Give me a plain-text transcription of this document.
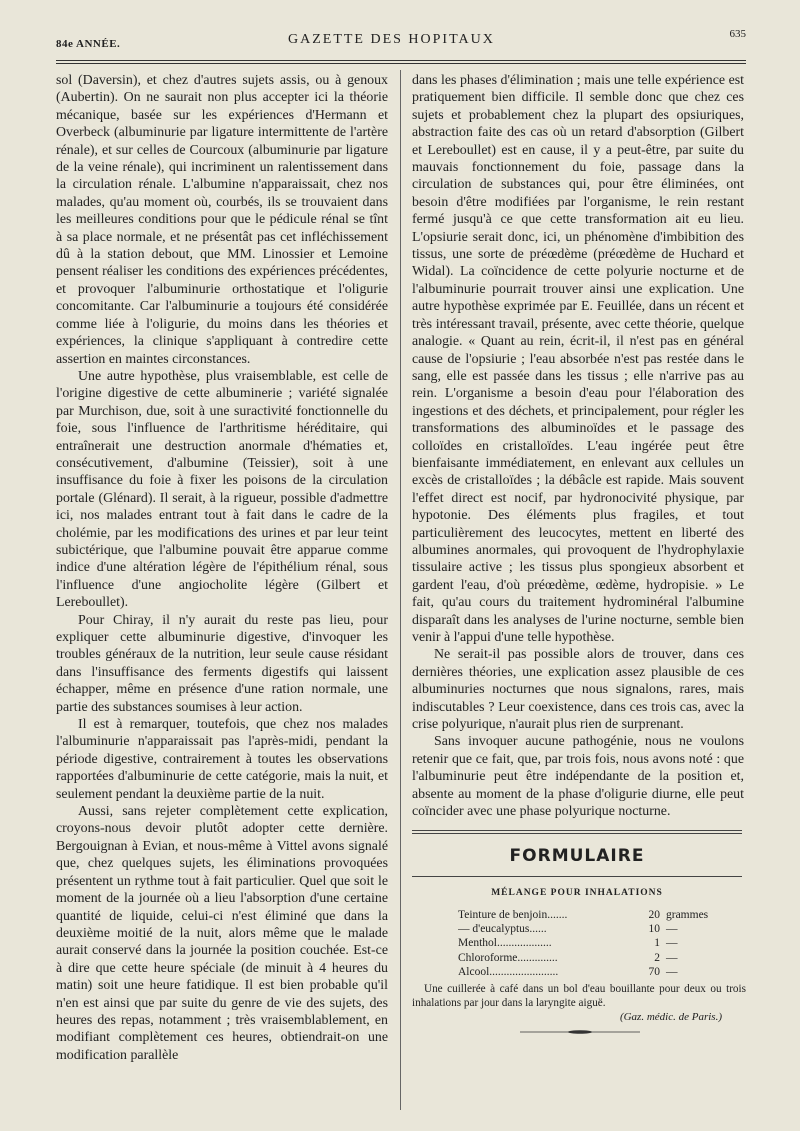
84e ANNÉE.	GAZETTE DES HOPITAUX	635

sol (Daversin), et chez d'autres sujets assis, ou à genoux (Aubertin). On ne saurait non plus accepter ici la théorie mécanique, basée sur les expériences d'Hermann et Overbeck (albuminurie par ligature intermittente de l'artère rénale), et sur celles de Courcoux (albuminurie par ligature de la veine rénale), qui incriminent un ralentissement dans la circulation rénale. L'albumine n'apparaissait, chez nos malades, qu'au moment où, courbés, ils se trouvaient dans les meilleures conditions pour que le pédicule rénal se tînt à sa place normale, et ne présentât pas cet infléchissement dû à la station debout, que MM. Linossier et Lemoine pensent réaliser les conditions des expériences précédentes, et provoquer l'albuminurie orthostatique et l'oligurie concomitante. Car l'albuminurie a toujours été considérée comme liée à l'oligurie, du moins dans les théories et expériences, la clinique s'appliquant à contredire cette assertion en maintes circonstances.

Une autre hypothèse, plus vraisemblable, est celle de l'origine digestive de cette albuminerie ; variété signalée par Murchison, due, soit à une suractivité fonctionnelle du foie, sous l'influence de l'arthritisme héréditaire, qui entraînerait une destruction anormale d'hématies et, consécutivement, d'albumine (Teissier), soit à une insuffisance du foie à fixer les poisons de la circulation portale (Glénard). Il serait, à la rigueur, possible d'admettre ici, nos malades entrant tout à fait dans le cadre de la cholémie, par les modifications des urines et par leur teint subictérique, que l'albumine pouvait être apparue comme indice d'une altération légère de l'épithélium rénal, sous l'influence d'une angiocholite légère (Gilbert et Lereboullet).

Pour Chiray, il n'y aurait du reste pas lieu, pour expliquer cette albuminurie digestive, d'invoquer les troubles généraux de la nutrition, leur seule cause résidant dans l'insuffisance des ferments digestifs qui laissent échapper, même en présence d'une ration normale, une partie des substances soumises à leur action.

Il est à remarquer, toutefois, que chez nos malades l'albuminurie n'apparaissait pas l'après-midi, pendant la période digestive, contrairement à toutes les observations rapportées d'albuminurie de cette catégorie, mais la nuit, et seulement pendant la deuxième partie de la nuit.

Aussi, sans rejeter complètement cette explication, croyons-nous devoir plutôt adopter cette dernière. Bergouignan à Evian, et nous-même à Vittel avons signalé que, chez quelques sujets, les éliminations provoquées présentent un rythme tout à fait particulier. Quel que soit le moment de la journée où a lieu l'absorption d'une certaine quantité de liquide, celui-ci n'est éliminé que dans la deuxième moitié de la nuit, alors même que le malade aurait conservé dans la journée la position couchée. Est-ce à dire que cette heure spéciale (de minuit à 4 heures du matin) soit une heure fatidique. Il est bien probable qu'il n'en est ainsi que par suite du genre de vie des sujets, des heures des repas, notamment ; très vraisemblablement, en modifiant complètement ces heures, obtiendrait-on une modification parallèle

dans les phases d'élimination ; mais une telle expérience est pratiquement bien difficile. Il semble donc que chez ces sujets et probablement chez la plupart des opsiuriques, abstraction faite des cas où un retard d'absorption (Gilbert et Lereboullet) est en cause, il y a peut-être, par suite du mauvais fonctionnement du foie, passage dans la circulation de substances qui, pour être éliminées, ont besoin d'être modifiées par l'organisme, le rein restant fermé jusqu'à ce que cette transformation ait eu lieu. L'opsiurie serait donc, ici, un phénomène d'imbibition des tissus, une sorte de préœdème (préœdème de Huchard et Widal). La coïncidence de cette polyurie nocturne et de l'albuminurie pourrait trouver ainsi une explication. Une autre hypothèse exprimée par E. Feuillée, dans un récent et très intéressant travail, présente, avec cette théorie, quelque analogie. « Quant au rein, écrit-il, il n'est pas en général cause de l'opsiurie ; l'eau absorbée n'est pas restée dans le sang, elle est passée dans les tissus ; elle n'arrive pas au rein. L'organisme a besoin d'eau pour l'élaboration des ingestions et des déchets, et principalement, pour régler les transformations des albuminoïdes et le passage des colloïdes en cristalloïdes. L'eau ingérée peut être bienfaisante immédiatement, en enlevant aux cellules un excès de cristalloïdes ; la débâcle est rapide. Mais souvent l'effet direct est nocif, par hydronocivité physique, par hypotonie. Des éléments plus fragiles, et tout particulièrement des leucocytes, mettent en liberté des albumines anormales, qui provoquent de l'hydrophylaxie tissulaire active ; les tissus plus spongieux absorbent et gardent l'eau, d'où préœdème, œdème, hydropisie. » Le fait, qu'au cours du traitement hydrominéral l'albumine disparaît dans les analyses de l'urine nocturne, semble bien venir à l'appui d'une telle hypothèse.

Ne serait-il pas possible alors de trouver, dans ces dernières théories, une explication assez plausible de ces albuminuries nocturnes que nous signalons, rares, mais indiscutables ? Leur coexistence, dans ces trois cas, avec la crise polyurique, n'aurait plus rien de surprenant.

Sans invoquer aucune pathogénie, nous ne voulons retenir que ce fait, que, par trois fois, nous avons noté : que l'albuminurie peut être indépendante de la position et, absente au moment de la phase d'oligurie diurne, elle peut coïncider avec une phase polyurique nocturne.

FORMULAIRE
MÉLANGE POUR INHALATIONS
Teinture de benjoin.......	20 grammes
— d'eucalyptus......	10 —
Menthol...................	1 —
Chloroforme..............	2 —
Alcool........................	70 —
Une cuillerée à café dans un bol d'eau bouillante pour deux ou trois inhalations par jour dans la laryngite aiguë.
(Gaz. médic. de Paris.)
